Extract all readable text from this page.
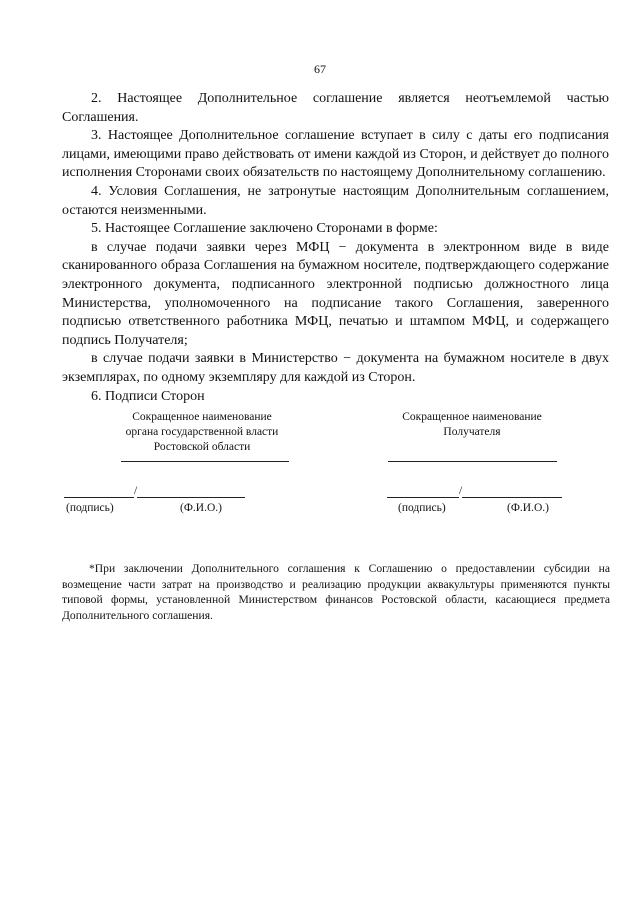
67

2. Настоящее Дополнительное соглашение является неотъемлемой частью Соглашения.

3. Настоящее Дополнительное соглашение вступает в силу с даты его подписания лицами, имеющими право действовать от имени каждой из Сторон, и действует до полного исполнения Сторонами своих обязательств по настоящему Дополнительному соглашению.

4. Условия Соглашения, не затронутые настоящим Дополнительным соглашением, остаются неизменными.

5. Настоящее Соглашение заключено Сторонами в форме:

в случае подачи заявки через МФЦ − документа в электронном виде в виде сканированного образа Соглашения на бумажном носителе, подтверждающего содержание электронного документа, подписанного электронной подписью должностного лица Министерства, уполномоченного на подписание такого Соглашения, заверенного подписью ответственного работника МФЦ, печатью и штампом МФЦ, и содержащего подпись Получателя;

в случае подачи заявки в Министерство − документа на бумажном носителе в двух экземплярах, по одному экземпляру для каждой из Сторон.

6. Подписи Сторон

Сокращенное наименование
органа государственной власти
Ростовской области
Сокращенное наименование
Получателя
/	/
(подпись)	(Ф.И.О.)	(подпись)	(Ф.И.О.)
*При заключении Дополнительного соглашения к Соглашению о предоставлении субсидии на возмещение части затрат на производство и реализацию продукции аквакультуры применяются пункты типовой формы, установленной Министерством финансов Ростовской области, касающиеся предмета Дополнительного соглашения.
